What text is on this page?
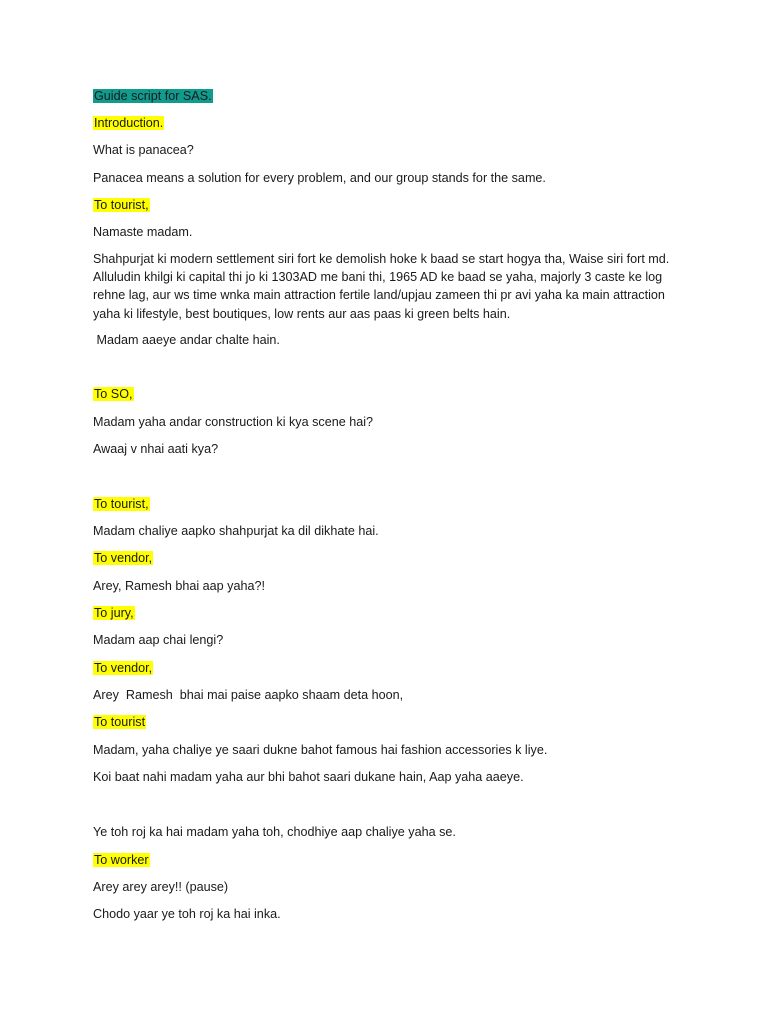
Guide script for SAS.
Introduction.
What is panacea?
Panacea means a solution for every problem, and our group stands for the same.
To tourist,
Namaste madam.
Shahpurjat ki modern settlement siri fort ke demolish hoke k baad se start hogya tha, Waise siri fort md. Alluludin khilgi ki capital thi jo ki 1303AD me bani thi, 1965 AD ke baad se yaha, majorly 3 caste ke log rehne lag, aur ws time wnka main attraction fertile land/upjau zameen thi pr avi yaha ka main attraction yaha ki lifestyle, best boutiques, low rents aur aas paas ki green belts hain.
Madam aaeye andar chalte hain.
To SO,
Madam yaha andar construction ki kya scene hai?
Awaaj v nhai aati kya?
To tourist,
Madam chaliye aapko shahpurjat ka dil dikhate hai.
To vendor,
Arey, Ramesh bhai aap yaha?!
To jury,
Madam aap chai lengi?
To vendor,
Arey  Ramesh  bhai mai paise aapko shaam deta hoon,
To tourist
Madam, yaha chaliye ye saari dukne bahot famous hai fashion accessories k liye.
Koi baat nahi madam yaha aur bhi bahot saari dukane hain, Aap yaha aaeye.
Ye toh roj ka hai madam yaha toh, chodhiye aap chaliye yaha se.
To worker
Arey arey arey!! (pause)
Chodo yaar ye toh roj ka hai inka.
